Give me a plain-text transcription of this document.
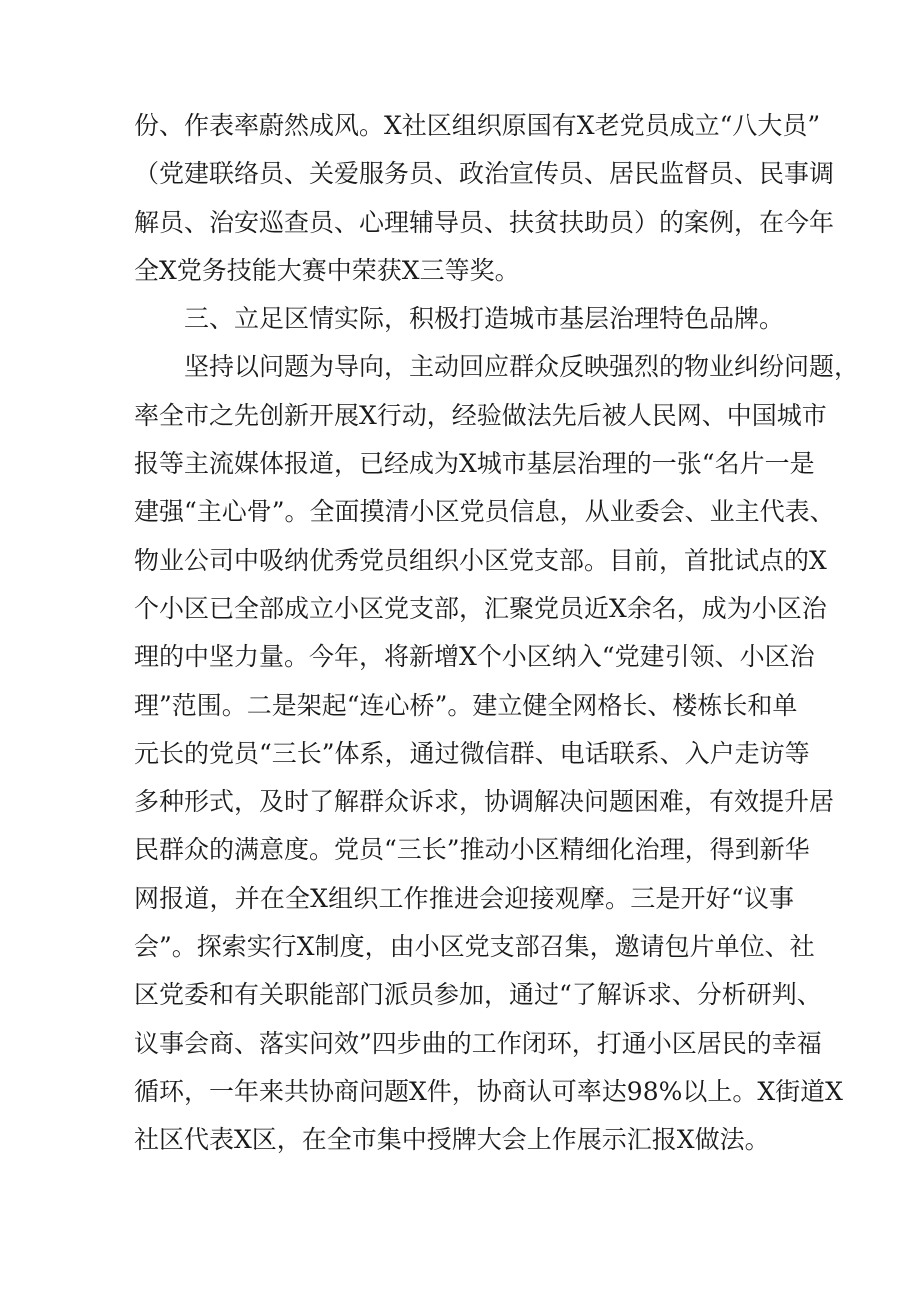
份、作表率蔚然成风。X社区组织原国有X老党员成立“八大员”
（党建联络员、关爱服务员、政治宣传员、居民监督员、民事调
解员、治安巡查员、心理辅导员、扶贫扶助员）的案例，在今年
全X党务技能大赛中荣获X三等奖。
三、立足区情实际，积极打造城市基层治理特色品牌。
坚持以问题为导向，主动回应群众反映强烈的物业纠纷问题，
率全市之先创新开展X行动，经验做法先后被人民网、中国城市
报等主流媒体报道，已经成为X城市基层治理的一张“名片一是
建强“主心骨”。全面摸清小区党员信息，从业委会、业主代表、
物业公司中吸纳优秀党员组织小区党支部。目前，首批试点的X
个小区已全部成立小区党支部，汇聚党员近X余名，成为小区治
理的中坚力量。今年，将新增X个小区纳入“党建引领、小区治
理”范围。二是架起“连心桥”。建立健全网格长、楼栋长和单
元长的党员“三长”体系，通过微信群、电话联系、入户走访等
多种形式，及时了解群众诉求，协调解决问题困难，有效提升居
民群众的满意度。党员“三长”推动小区精细化治理，得到新华
网报道，并在全X组织工作推进会迎接观摩。三是开好“议事
会”。探索实行X制度，由小区党支部召集，邀请包片单位、社
区党委和有关职能部门派员参加，通过“了解诉求、分析研判、
议事会商、落实问效”四步曲的工作闭环，打通小区居民的幸福
循环，一年来共协商问题X件，协商认可率达98%以上。X街道X
社区代表X区，在全市集中授牌大会上作展示汇报X做法。
